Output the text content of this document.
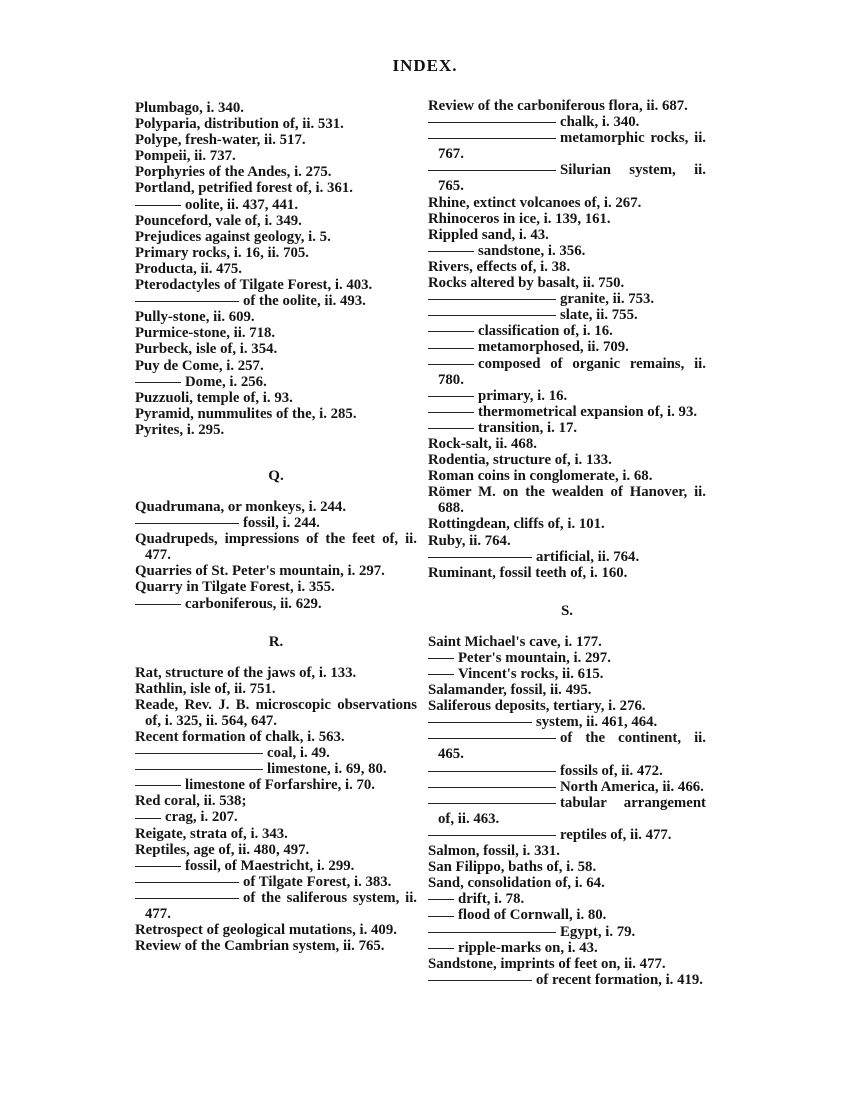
INDEX.

Plumbago, i. 340.

Polyparia, distribution of, ii. 531.

Polype, fresh-water, ii. 517.

Pompeii, ii. 737.

Porphyries of the Andes, i. 275.

Portland, petrified forest of, i. 361.

oolite, ii. 437, 441.

Pounceford, vale of, i. 349.

Prejudices against geology, i. 5.

Primary rocks, i. 16, ii. 705.

Producta, ii. 475.

Pterodactyles of Tilgate Forest, i. 403.

of the oolite, ii. 493.

Pully-stone, ii. 609.

Purmice-stone, ii. 718.

Purbeck, isle of, i. 354.

Puy de Come, i. 257.

Dome, i. 256.

Puzzuoli, temple of, i. 93.

Pyramid, nummulites of the, i. 285.

Pyrites, i. 295.

Q.

Quadrumana, or monkeys, i. 244.

fossil, i. 244.

Quadrupeds, impressions of the feet of, ii. 477.

Quarries of St. Peter's mountain, i. 297.

Quarry in Tilgate Forest, i. 355.

carboniferous, ii. 629.

R.

Rat, structure of the jaws of, i. 133.

Rathlin, isle of, ii. 751.

Reade, Rev. J. B. microscopic observations of, i. 325, ii. 564, 647.

Recent formation of chalk, i. 563.

coal, i. 49.

limestone, i. 69, 80.

limestone of Forfarshire, i. 70.

Red coral, ii. 538;

crag, i. 207.

Reigate, strata of, i. 343.

Reptiles, age of, ii. 480, 497.

fossil, of Maestricht, i. 299.

of Tilgate Forest, i. 383.

of the saliferous system, ii. 477.

Retrospect of geological mutations, i. 409.

Review of the Cambrian system, ii. 765.

Review of the carboniferous flora, ii. 687.

chalk, i. 340.

metamorphic rocks, ii. 767.

Silurian system, ii. 765.

Rhine, extinct volcanoes of, i. 267.

Rhinoceros in ice, i. 139, 161.

Rippled sand, i. 43.

sandstone, i. 356.

Rivers, effects of, i. 38.

Rocks altered by basalt, ii. 750.

granite, ii. 753.

slate, ii. 755.

classification of, i. 16.

metamorphosed, ii. 709.

composed of organic remains, ii. 780.

primary, i. 16.

thermometrical expansion of, i. 93.

transition, i. 17.

Rock-salt, ii. 468.

Rodentia, structure of, i. 133.

Roman coins in conglomerate, i. 68.

Römer M. on the wealden of Hanover, ii. 688.

Rottingdean, cliffs of, i. 101.

Ruby, ii. 764.

artificial, ii. 764.

Ruminant, fossil teeth of, i. 160.

S.

Saint Michael's cave, i. 177.

Peter's mountain, i. 297.

Vincent's rocks, ii. 615.

Salamander, fossil, ii. 495.

Saliferous deposits, tertiary, i. 276.

system, ii. 461, 464.

of the continent, ii. 465.

fossils of, ii. 472.

North America, ii. 466.

tabular arrangement of, ii. 463.

reptiles of, ii. 477.

Salmon, fossil, i. 331.

San Filippo, baths of, i. 58.

Sand, consolidation of, i. 64.

drift, i. 78.

flood of Cornwall, i. 80.

Egypt, i. 79.

ripple-marks on, i. 43.

Sandstone, imprints of feet on, ii. 477.

of recent formation, i. 419.
